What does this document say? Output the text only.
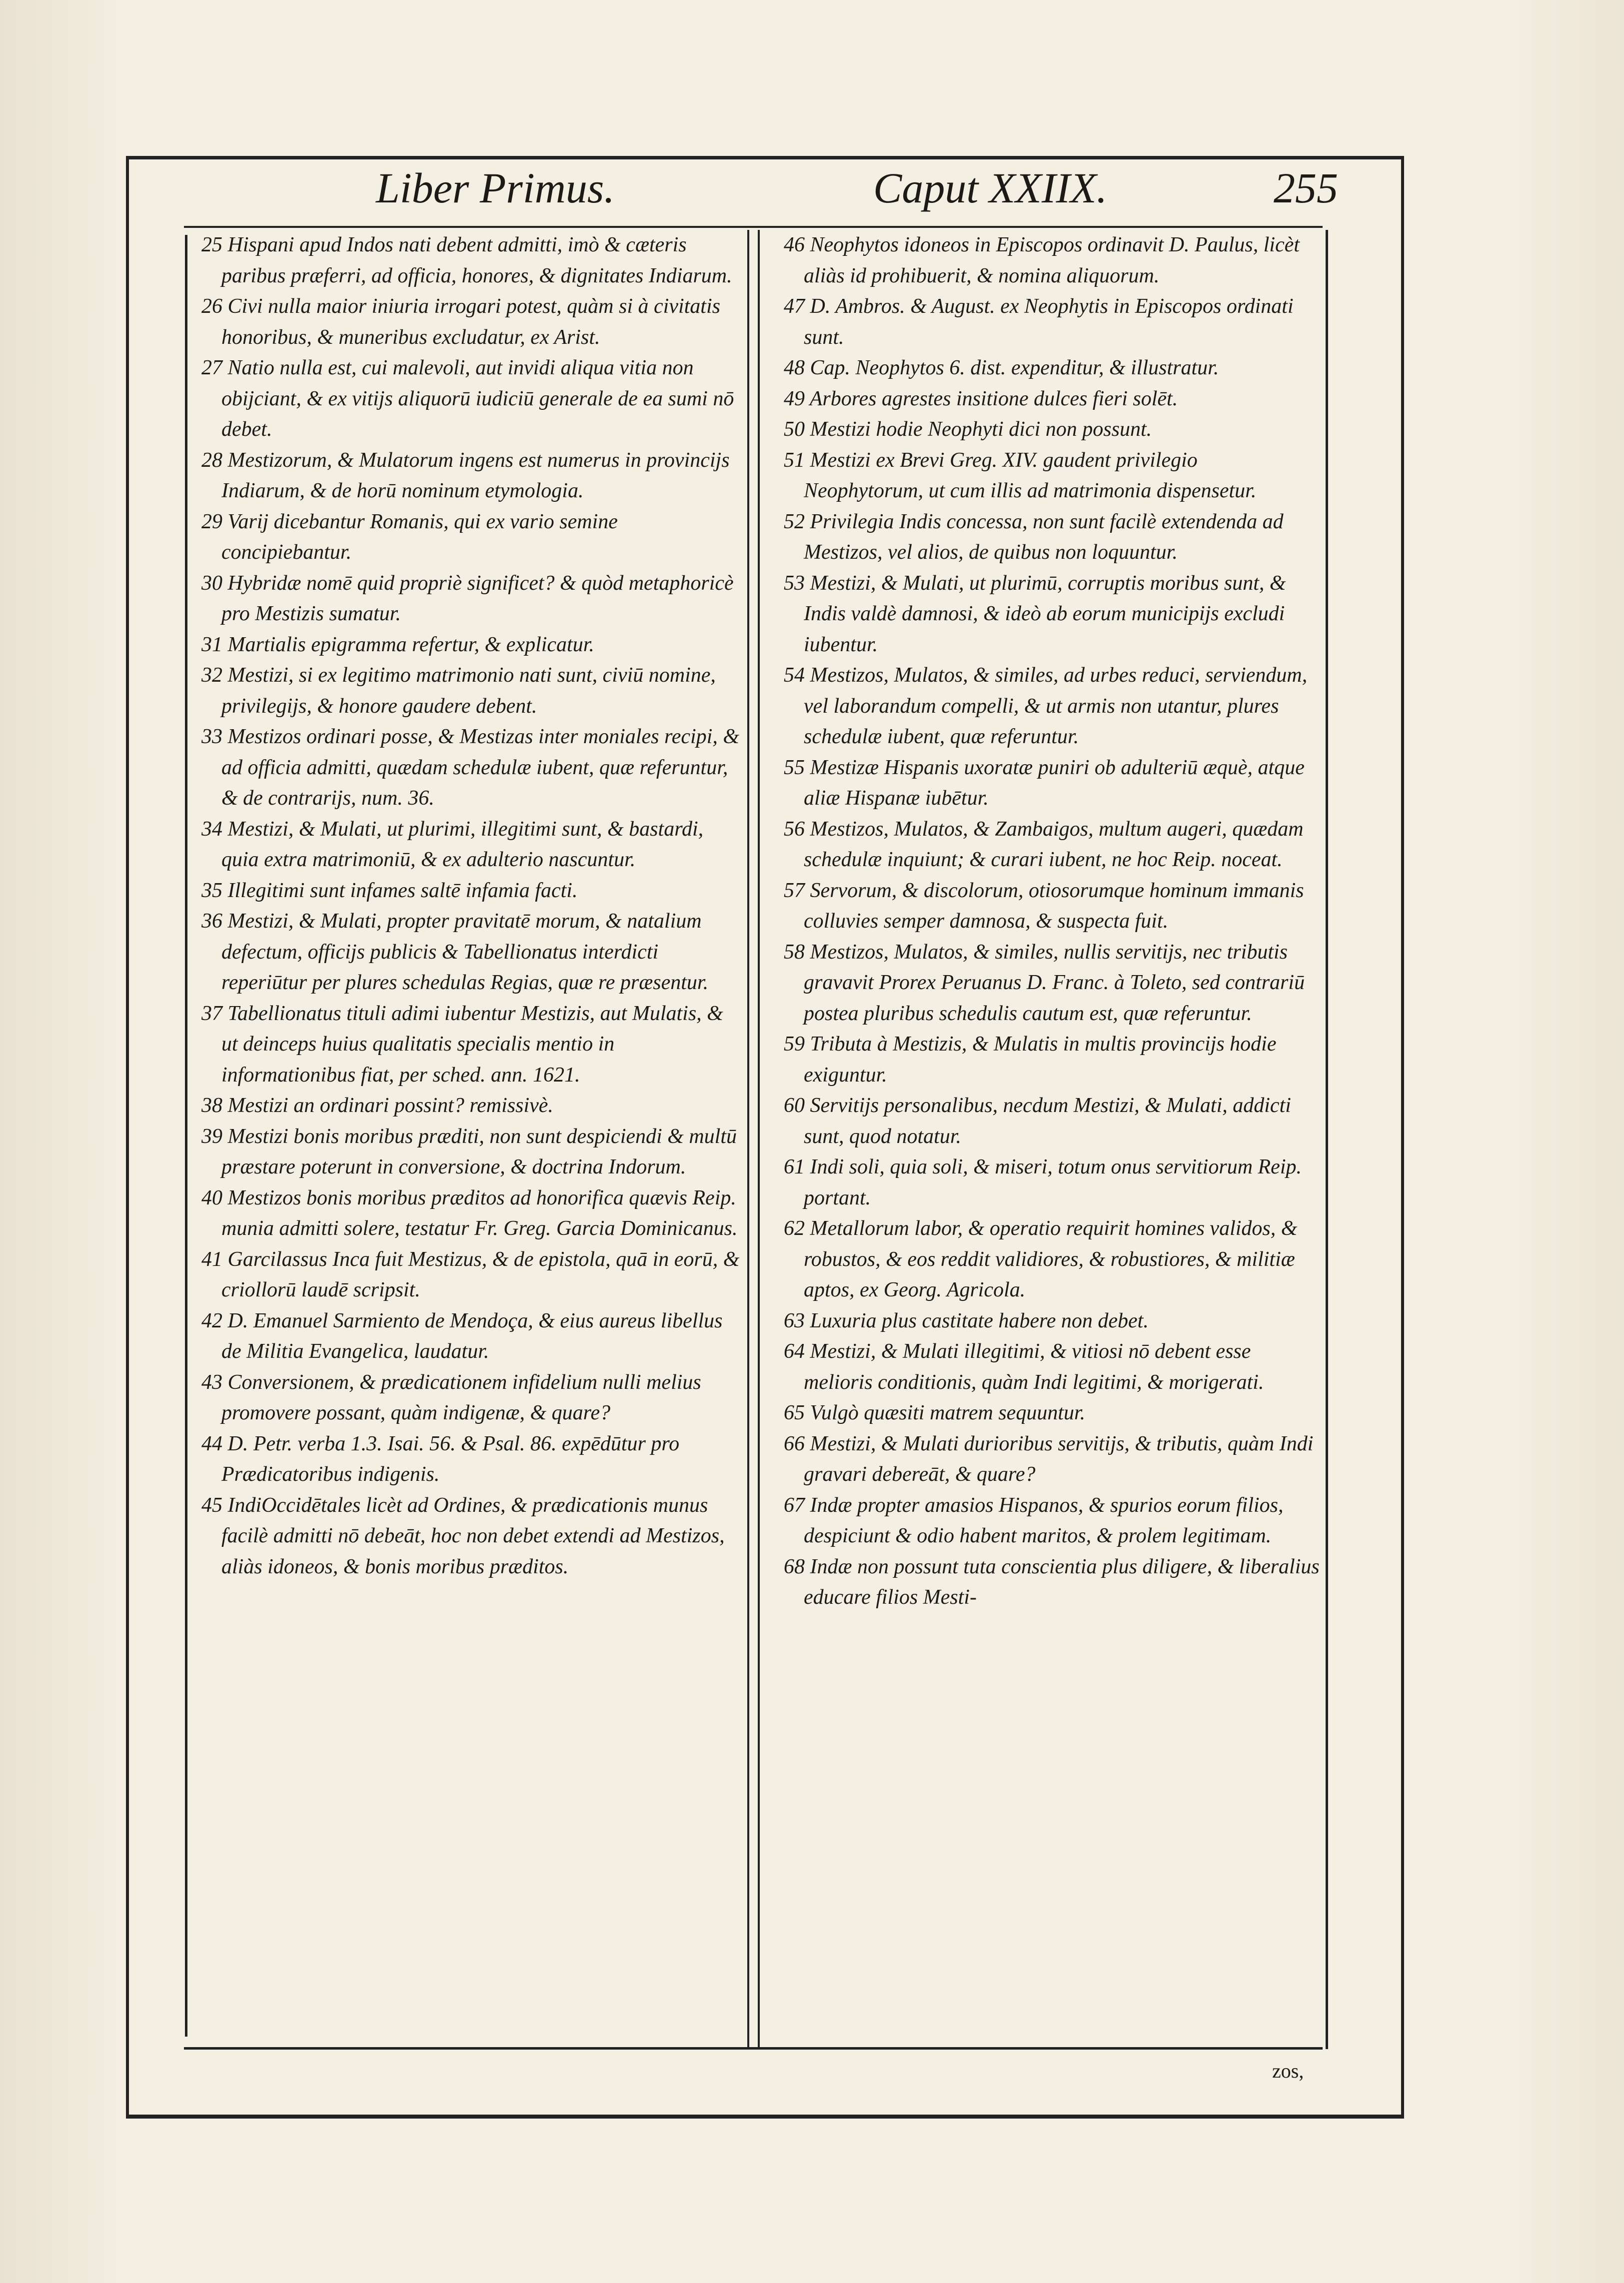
Liber Primus.	Caput XXIIX.	255

25 Hispani apud Indos nati debent admitti, imò & cæteris paribus præferri, ad officia, honores, & dignitates Indiarum.

26 Civi nulla maior iniuria irrogari potest, quàm si à civitatis honoribus, & muneribus excludatur, ex Arist.

27 Natio nulla est, cui malevoli, aut invidi aliqua vitia non obijciant, & ex vitijs aliquorū iudiciū generale de ea sumi nō debet.

28 Mestizorum, & Mulatorum ingens est numerus in provincijs Indiarum, & de horū nominum etymologia.

29 Varij dicebantur Romanis, qui ex vario semine concipiebantur.

30 Hybridæ nomē quid propriè significet? & quòd metaphoricè pro Mestizis sumatur.

31 Martialis epigramma refertur, & explicatur.

32 Mestizi, si ex legitimo matrimonio nati sunt, civiū nomine, privilegijs, & honore gaudere debent.

33 Mestizos ordinari posse, & Mestizas inter moniales recipi, & ad officia admitti, quædam schedulæ iubent, quæ referuntur, & de contrarijs, num. 36.

34 Mestizi, & Mulati, ut plurimi, illegitimi sunt, & bastardi, quia extra matrimoniū, & ex adulterio nascuntur.

35 Illegitimi sunt infames saltē infamia facti.

36 Mestizi, & Mulati, propter pravitatē morum, & natalium defectum, officijs publicis & Tabellionatus interdicti reperiūtur per plures schedulas Regias, quæ re præsentur.

37 Tabellionatus tituli adimi iubentur Mestizis, aut Mulatis, & ut deinceps huius qualitatis specialis mentio in informationibus fiat, per sched. ann. 1621.

38 Mestizi an ordinari possint? remissivè.

39 Mestizi bonis moribus præditi, non sunt despiciendi & multū præstare poterunt in conversione, & doctrina Indorum.

40 Mestizos bonis moribus præditos ad honorifica quævis Reip. munia admitti solere, testatur Fr. Greg. Garcia Dominicanus.

41 Garcilassus Inca fuit Mestizus, & de epistola, quā in eorū, & criollorū laudē scripsit.

42 D. Emanuel Sarmiento de Mendoça, & eius aureus libellus de Militia Evangelica, laudatur.

43 Conversionem, & prædicationem infidelium nulli melius promovere possant, quàm indigenæ, & quare?

44 D. Petr. verba 1.3. Isai. 56. & Psal. 86. expēdūtur pro Prædicatoribus indigenis.

45 IndiOccidētales licèt ad Ordines, & prædicationis munus facilè admitti nō debeāt, hoc non debet extendi ad Mestizos, aliàs idoneos, & bonis moribus præditos.

46 Neophytos idoneos in Episcopos ordinavit D. Paulus, licèt aliàs id prohibuerit, & nomina aliquorum.

47 D. Ambros. & August. ex Neophytis in Episcopos ordinati sunt.

48 Cap. Neophytos 6. dist. expenditur, & illustratur.

49 Arbores agrestes insitione dulces fieri solēt.

50 Mestizi hodie Neophyti dici non possunt.

51 Mestizi ex Brevi Greg. XIV. gaudent privilegio Neophytorum, ut cum illis ad matrimonia dispensetur.

52 Privilegia Indis concessa, non sunt facilè extendenda ad Mestizos, vel alios, de quibus non loquuntur.

53 Mestizi, & Mulati, ut plurimū, corruptis moribus sunt, & Indis valdè damnosi, & ideò ab eorum municipijs excludi iubentur.

54 Mestizos, Mulatos, & similes, ad urbes reduci, serviendum, vel laborandum compelli, & ut armis non utantur, plures schedulæ iubent, quæ referuntur.

55 Mestizæ Hispanis uxoratæ puniri ob adulteriū æquè, atque aliæ Hispanæ iubētur.

56 Mestizos, Mulatos, & Zambaigos, multum augeri, quædam schedulæ inquiunt; & curari iubent, ne hoc Reip. noceat.

57 Servorum, & discolorum, otiosorumque hominum immanis colluvies semper damnosa, & suspecta fuit.

58 Mestizos, Mulatos, & similes, nullis servitijs, nec tributis gravavit Prorex Peruanus D. Franc. à Toleto, sed contrariū postea pluribus schedulis cautum est, quæ referuntur.

59 Tributa à Mestizis, & Mulatis in multis provincijs hodie exiguntur.

60 Servitijs personalibus, necdum Mestizi, & Mulati, addicti sunt, quod notatur.

61 Indi soli, quia soli, & miseri, totum onus servitiorum Reip. portant.

62 Metallorum labor, & operatio requirit homines validos, & robustos, & eos reddit validiores, & robustiores, & militiæ aptos, ex Georg. Agricola.

63 Luxuria plus castitate habere non debet.

64 Mestizi, & Mulati illegitimi, & vitiosi nō debent esse melioris conditionis, quàm Indi legitimi, & morigerati.

65 Vulgò quæsiti matrem sequuntur.

66 Mestizi, & Mulati durioribus servitijs, & tributis, quàm Indi gravari debereāt, & quare?

67 Indæ propter amasios Hispanos, & spurios eorum filios, despiciunt & odio habent maritos, & prolem legitimam.

68 Indæ non possunt tuta conscientia plus diligere, & liberalius educare filios Mesti-

zos,
